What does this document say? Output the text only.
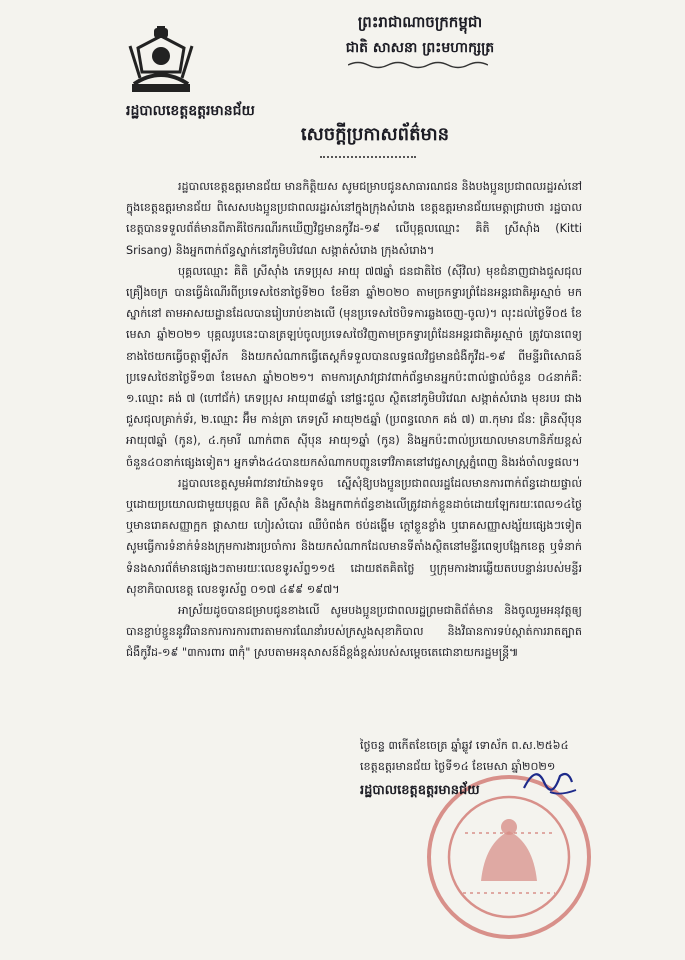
ព្រះរាជាណាចក្រកម្ពុជា
ជាតិ សាសនា ព្រះមហាក្សត្រ
រដ្ឋបាលខេត្តឧត្ដរមានជ័យ
សេចក្ដីប្រកាសព័ត៌មាន

រដ្ឋបាលខេត្តឧត្ដរមានជ័យ មានកិត្តិយស សូមជម្រាបជូនសាធារណជន និងបងប្អូនប្រជាពលរដ្ឋរស់នៅក្នុងខេត្តឧត្ដរមានជ័យ ពិសេសបងប្អូនប្រជាពលរដ្ឋរស់នៅក្នុងក្រុងសំរោង ខេត្តឧត្ដរមានជ័យមេត្តាជ្រាបថា រដ្ឋបាលខេត្តបានទទួលព័ត៌មានពីភាគីថៃករណីរកឃើញវិជ្ជមានកូវីដ-១៩ លើបុគ្គលឈ្មោះ គិតិ ស្រីស៊ាំង (Kitti Srisang) និងអ្នកពាក់ព័ន្ធស្នាក់នៅភូមិបរិវេណ សង្កាត់សំរោង ក្រុងសំរោង។

បុគ្គលឈ្មោះ គិតិ ស្រីស៊ាំង ភេទប្រុស អាយុ ៧៧ឆ្នាំ ជនជាតិថៃ (ស៊ីវិល) មុខជំនាញជាងជួសជុលគ្រឿងចក្រ បានធ្វើដំណើរពីប្រទេសថៃនាថ្ងៃទី២០ ខែមីនា ឆ្នាំ២០២០ តាមច្រកទ្វារព្រំដែនអន្តរជាតិអូរស្មាច់ មកស្នាក់នៅ តាមអាសយដ្ឋានដែលបានរៀបរាប់ខាងលើ (មុនប្រទេសថៃបិទការឆ្លងចេញ-ចូល)។ លុះដល់ថ្ងៃទី០៥ ខែមេសា ឆ្នាំ២០២១ បុគ្គលរូបនេះបានត្រឡប់ចូលប្រទេសថៃវិញតាមច្រកទ្វារព្រំដែនអន្តរជាតិអូរស្មាច់ ត្រូវបានពេទ្យខាងថៃយកធ្វើចត្តាឡីស័ក និងយកសំណាកធ្វើតេស្តក៏ទទួលបានលទ្ធផលវិជ្ជមានជំងឺកូវីដ-១៩ ពីមន្ទីរពិសោធន៍ប្រទេសថៃនាថ្ងៃទី១៣ ខែមេសា ឆ្នាំ២០២១។ តាមការស្រាវជ្រាវពាក់ព័ន្ធមានអ្នកប៉ះពាល់ផ្ទាល់ចំនួន ០៤នាក់គឺ: ១.ឈ្មោះ គង់ ៧ (ហៅជ័ក់) ភេទប្រុស អាយុ៣៨ឆ្នាំ នៅផ្ទះជួល ស្ថិតនៅភូមិបរិវេណ សង្កាត់សំរោង មុខរបរ ជាងជួសជុលគ្រាក់ទ័រ, ២.ឈ្មោះ អ៊ឹម កាន់ត្រា ភេទស្រី អាយុ២៥ឆ្នាំ (ប្រពន្ធលោក គង់ ៧) ៣.កុមារ ជ័ន: គ្រិនស៊ីបុន អាយុ៧ឆ្នាំ (កូន), ៤.កុមារី ណាក់ពាត សុីបុន អាយុ១ឆ្នាំ (កូន) និងអ្នកប៉ះពាល់ប្រយោលមានហានិភ័យខ្ពស់ចំនួន៤០នាក់ផ្សេងទៀត។ អ្នកទាំង៤៤បានយកសំណាកបញ្ជូនទៅវិភាគនៅវេជ្ជសាស្ត្រភ្នំពេញ និងរង់ចាំលទ្ធផល។

រដ្ឋបាលខេត្តសូមអំពាវនាវយ៉ាងទទូច ស្នើសុំឱ្យបងប្អូនប្រជាពលរដ្ឋដែលមានការពាក់ព័ន្ធដោយផ្ទាល់ ឬដោយប្រយោលជាមួយបុគ្គល គិតិ ស្រីស៊ាំង និងអ្នកពាក់ព័ន្ធខាងលើត្រូវដាក់ខ្លួនដាច់ដោយឡែករយៈពេល១៤ថ្ងៃ ឬមានរោគសញ្ញាក្អក ផ្ដាសាយ ហៀរសំបោរ ឈឺបំពង់ក ថប់ដង្ហើម ក្ដៅខ្លួនខ្លាំង ឬរោគសញ្ញាសង្ស័យផ្សេងៗទៀត សូមធ្វើការទំនាក់ទំនងក្រុមការងារប្រចាំការ និងយកសំណាកដែលមានទីតាំងស្ថិតនៅមន្ទីរពេទ្យបង្អែកខេត្ត ឬទំនាក់ទំនងសារព័ត៌មានផ្សេងៗតាមរយៈលេខទូរស័ព្ទ១១៥ ដោយឥតគិតថ្លៃ ឬក្រុមការងារឆ្លើយតបបន្ទាន់របស់មន្ទីរសុខាភិបាលខេត្ត លេខទូរស័ព្ទ ០១៧ ៤៩៩ ១៩៧។

អាស្រ័យដូចបានជម្រាបជូនខាងលើ សូមបងប្អូនប្រជាពលរដ្ឋព្រមជាតិព័ត៌មាន និងចូលរួមអនុវត្តឲ្យបានខ្ជាប់ខ្ជួននូវវិធានការការការពារតាមការណែនាំរបស់ក្រសួងសុខាភិបាល និងវិធានការទប់ស្កាត់ការរាតត្បាតជំងឺកូវីដ-១៩ "៣ការពារ ៣កុំ" ស្របតាមអនុសាសន៍ដ៏ខ្ពង់ខ្ពស់របស់សម្ដេចតេជោនាយករដ្ឋមន្ត្រី៕

ថ្ងៃចន្ទ ៣កើតខែចេត្រ ឆ្នាំឆ្លូវ ទោស័ក ព.ស.២៥៦៤
ខេត្តឧត្ដរមានជ័យ ថ្ងៃទី១៤ ខែមេសា ឆ្នាំ២០២១
រដ្ឋបាលខេត្តឧត្ដរមានជ័យ
